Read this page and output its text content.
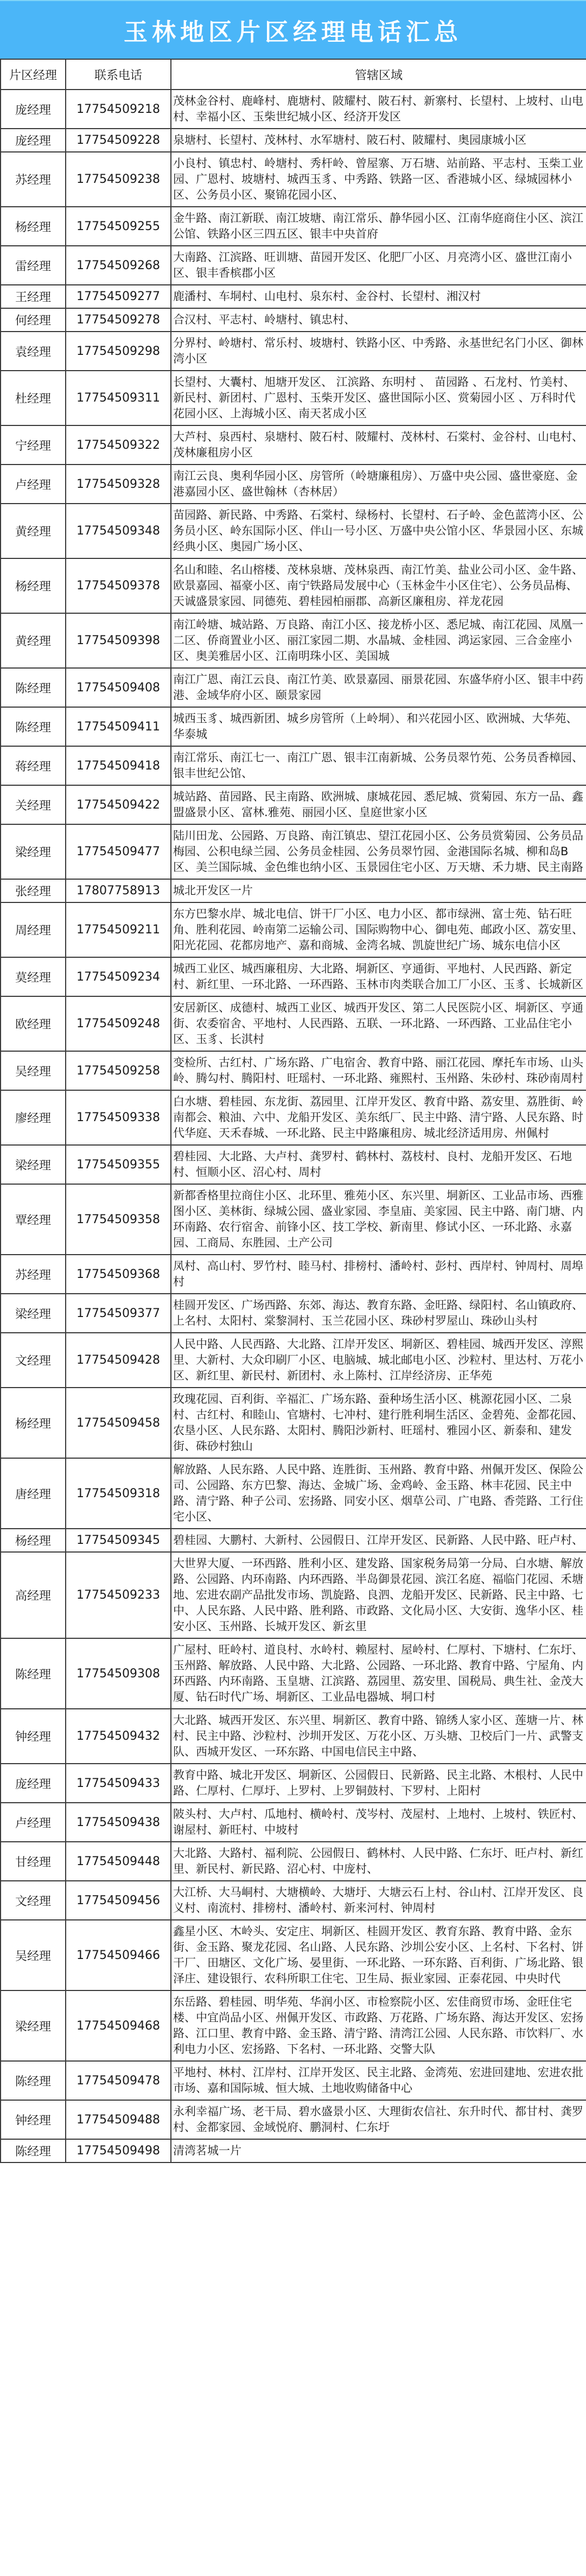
玉林地区片区经理电话汇总
片区经理	联系电话	管辖区域
庞经理	17754509218	茂林金谷村、鹿峰村、鹿塘村、陂耀村、陂石村、新寨村、长望村、上坡村、山电村、幸福小区、玉柴世纪城小区、经济开发区
庞经理	17754509228	泉塘村、长望村、茂林村、水军塘村、陂石村、陂耀村、奥园康城小区
苏经理	17754509238	小良村、镇忠村、岭塘村、秀杆岭、曾屋寨、万石塘、站前路、平志村、玉柴工业园、广恩村、坡塘村、城西玉豸、中秀路、铁路一区、香港城小区、绿城园林小区、公务员小区、聚锦花园小区、
杨经理	17754509255	金牛路、南江新联、南江坡塘、南江常乐、静华园小区、江南华庭商住小区、滨江公馆、铁路小区三四五区、银丰中央首府
雷经理	17754509268	大南路、江滨路、旺训塘、苗园开发区、化肥厂小区、月亮湾小区、盛世江南小区、银丰香槟郡小区
王经理	17754509277	鹿潘村、车垌村、山电村、泉东村、金谷村、长望村、湘汉村
何经理	17754509278	合汉村、平志村、岭塘村、镇忠村、
袁经理	17754509298	分界村、岭塘村、常乐村、坡塘村、铁路小区、中秀路、永基世纪名门小区、御林湾小区
杜经理	17754509311	长望村、大囊村、旭塘开发区、 江滨路、东明村 、 苗园路 、石龙村、竹美村、新民村、新团村、广恩村、玉柴开发区、盛世国际小区、赏菊园小区 、万科时代花园小区、上海城小区、南天茗成小区
宁经理	17754509322	大芦村、泉西村、泉塘村、陂石村、陂耀村、茂林村、石棠村、金谷村、山电村、茂林廉租房小区
卢经理	17754509328	南江云良、奥利华园小区、房管所（岭塘廉租房）、万盛中央公园、盛世豪庭、金港嘉园小区、盛世翰林（杏林居）
黄经理	17754509348	苗园路、新民路、中秀路、石棠村、绿杨村、长望村、石子岭、金色蓝湾小区、公务员小区、岭东国际小区、伴山一号小区、万盛中央公馆小区、华景园小区、东城经典小区、奥园广场小区、
杨经理	17754509378	名山和睦、名山榕楼、茂林泉塘、茂林泉西、南江竹美、盐业公司小区、金牛路、欧景嘉园、福豪小区、南宁铁路局发展中心（玉林金牛小区住宅）、公务员品梅、天诚盛景家园、同德苑、碧桂园柏丽郡、高新区廉租房、祥龙花园
黄经理	17754509398	南江岭塘、城站路、万良路、南江小区、接龙桥小区、悉尼城、南江花园、凤凰一二区、侨商置业小区、丽江家园二期、水晶城、金桂园、鸿运家园、三合金座小区、奥美雅居小区、江南明珠小区、美国城
陈经理	17754509408	南江广恩、南江云良、南江竹美、欧景嘉园、丽景花园、东盛华府小区、银丰中药港、金域华府小区、颐景家园
陈经理	17754509411	城西玉豸、城西新团、城乡房管所（上岭垌）、和兴花园小区、欧洲城、大华苑、华泰城
蒋经理	17754509418	南江常乐、南江七一、南江广恩、银丰江南新城、公务员翠竹苑、公务员香樟园、银丰世纪公馆、
关经理	17754509422	城站路、苗园路、民主南路、欧洲城、康城花园、悉尼城、赏菊园、东方一品、鑫盟盛景小区、富林.雅苑、丽园小区、皇庭世家小区
梁经理	17754509477	陆川田龙、公园路、万良路、南江镇忠、望江花园小区、公务员赏菊园、公务员品梅园、公积电绿兰园、公务员金桂园、公务员翠竹园、金港国际名城、柳和岛B区、美兰国际城、金色维也纳小区、玉景园住宅小区、万天塘、禾力塘、民主南路
张经理	17807758913	城北开发区一片
周经理	17754509211	东方巴黎水岸、城北电信、饼干厂小区、电力小区、都市绿洲、富士苑、钻石旺角、胜利花园、岭南第二运输公司、国际购物中心、御电苑、邮政小区、荔安里、阳光花园、花都房地产、嘉和商城、金湾名城、凯旋世纪广场、城东电信小区
莫经理	17754509234	城西工业区、城西廉租房、大北路、垌新区、亨通街、平地村、人民西路、新定村、新红里、一环北路、一环西路、玉林市肉类联合加工厂小区、玉豸、长城新区
欧经理	17754509248	安居新区、成德村、城西工业区、城西开发区、第二人民医院小区、垌新区、亨通街、农委宿舍、平地村、人民西路、五联、一环北路、一环西路、工业品住宅小区、玉豸、长淇村
吴经理	17754509258	变检所、古红村、广场东路、广电宿舍、教育中路、丽江花园、摩托车市场、山头岭、腾勾村、腾阳村、旺瑶村、一环北路、雍熙村、玉州路、朱砂村、珠砂南周村
廖经理	17754509338	白水塘、碧桂园、东龙街、荔园里、江岸开发区、教育中路、荔安里、荔胜街、岭南都会、粮油、六中、龙船开发区、美东纸厂、民主中路、清宁路、人民东路、时代华庭、天禾春城、一环北路、民主中路廉租房、城北经济适用房、州佩村
梁经理	17754509355	碧桂园、大北路、大卢村、龚罗村、鹤林村、荔枝村、良村、龙船开发区、石地村、恒顺小区、沼心村、周村
覃经理	17754509358	新都香格里拉商住小区、北环里、雅苑小区、东兴里、垌新区、工业品市场、西雅图小区、美林街、绿城公园、盛业家园、李皇庙、美家园、民主中路、南门塘、内环南路、农行宿舍、前锋小区、技工学校、新南里、修试小区、一环北路、永嘉园、工商局、东胜园、土产公司
苏经理	17754509368	凤村、高山村、罗竹村、睦马村、排榜村、潘岭村、彭村、西岸村、钟周村、周埠村
梁经理	17754509377	桂圆开发区、广场西路、东郊、海达、教育东路、金旺路、绿阳村、名山镇政府、上名村、太阳村、棠黎洞村、玉兰花园小区、珠砂村罗屋山、珠砂山头村
文经理	17754509428	人民中路、人民西路、大北路、江岸开发区、垌新区、碧桂园、城西开发区、淳熙里、大新村、大众印刷厂小区、电脑城、城北邮电小区、沙粒村、里达村、万花小区、新红里、新民村、新团村、永上陈村、江岸经济房、正华苑
杨经理	17754509458	玫瑰花园、百利街、辛福汇、广场东路、蚕种场生活小区、桃源花园小区、二泉村、古红村、和睦山、官塘村、七冲村、建行胜利垌生活区、金碧苑、金都花园、农垦小区、人民东路、太阳村、腾阳沙新村、旺瑶村、雅园小区、新泰和、建发街、硃砂村独山
唐经理	17754509318	解放路、人民东路、人民中路、连胜街、玉州路、教育中路、州佩开发区、保险公司、公园路、东方巴黎、海达、金城广场、金鸡岭、金玉路、林丰花园、民主中路、清宁路、种子公司、宏扬路、同安小区、烟草公司、广电路、香莞路、工行住宅小区、
杨经理	17754509345	碧桂园、大鹏村、大新村、公园假日、江岸开发区、民新路、人民中路、旺卢村、
高经理	17754509233	大世界大厦、一环西路、胜利小区、建发路、国家税务局第一分局、白水塘、解放路、公园路、内环南路、内环西路、半岛御景花园、滨江名庭、福临门花园、禾塘地、宏进农副产品批发市场、凯旋路、良泗、龙船开发区、民新路、民主中路、七中、人民东路、人民中路、胜利路、市政路、文化局小区、大安街、逸华小区、桂安小区、玉州路、长城开发区、新玄里
陈经理	17754509308	广屋村、旺岭村、道良村、水岭村、赖屋村、屋岭村、仁厚村、下塘村、仁东圩、玉州路、解放路、人民中路、大北路、公园路、一环北路、教育中路、宁屋角、内环西路、内环南路、玉皇塘、江滨路、荔园里、荔安里、国税局、典生社、金茂大厦、钻石时代广场、垌新区、工业品电器城、垌口村
钟经理	17754509432	大北路、城西开发区、东兴里、垌新区、教育中路、锦绣人家小区、莲塘一片、林村、民主中路、沙粒村、沙圳开发区、万花小区、万头塘、卫校后门一片、武警支队、西城开发区、一环东路、中国电信民主中路、
庞经理	17754509433	教育中路、城北开发区、垌新区、公园假日、民新路、民主北路、木根村、人民中路、仁厚村、仁厚圩、上罗村、上罗铜鼓村、下罗村、上阳村
卢经理	17754509438	陂头村、大卢村、瓜地村、横岭村、茂岑村、茂屋村、上地村、上坡村、铁匠村、谢屋村、新旺村、中坡村
甘经理	17754509448	大北路、大路村、福利院、公园假日、鹤林村、人民中路、仁东圩、旺卢村、新红里、新民村、新民路、沼心村、中庞村、
文经理	17754509456	大江桥、大马峒村、大塘横岭、大塘圩、大塘云石上村、谷山村、江岸开发区、良义村、南流村、排榜村、潘岭村、新来河村、钟周村
吴经理	17754509466	鑫星小区、木岭头、安定庄、垌新区、桂圆开发区、教育东路、教育中路、金东街、金玉路、聚龙花园、名山路、人民东路、沙圳公安小区、上名村、下名村、饼干厂、田塘区、文化广场、晏里街、一环北路、一环东路、百利街、广场北路、银泽庄、建设银行、农科所职工住宅、卫生局、振业家园、正泰花园、中央时代
梁经理	17754509468	东岳路、碧桂园、明华苑、华润小区、市检察院小区、宏佳商贸市场、金旺住宅楼、中宜尚品小区、州佩开发区、市政路、万花路、广场东路、海达开发区、宏扬路、江口里、教育中路、金玉路、清宁路、清湾江公园、人民东路、市饮料厂、水利电力小区、宏扬路、下名村、一环北路、交警大队
陈经理	17754509478	平地村、林村、江岸村、江岸开发区、民主北路、金湾苑、宏进回建地、宏进农批市场、嘉和国际城、恒大城、土地收购储备中心
钟经理	17754509488	永利幸福广场、老干局、碧水盛景小区、大理街农信社、东升时代、都甘村、龚罗村、金都家园、金域悦府、鹏洞村、仁东圩
陈经理	17754509498	清湾茗城一片
